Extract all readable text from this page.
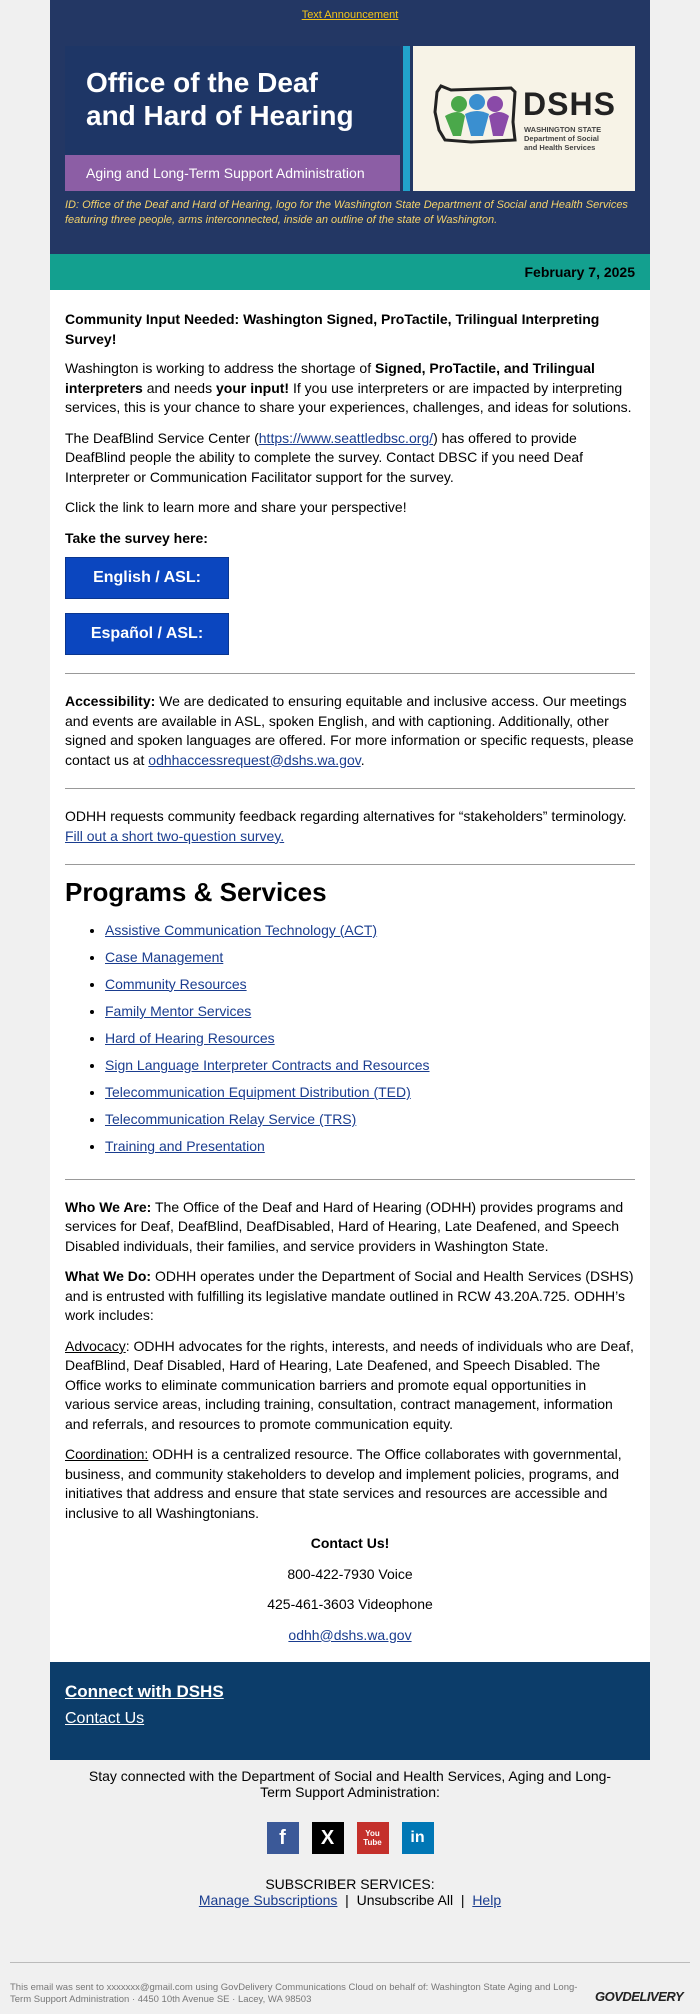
Text Announcement
Office of the Deaf
and Hard of Hearing
Aging and Long-Term Support Administration
DSHS
WASHINGTON STATE
Department of Social
and Health Services
ID: Office of the Deaf and Hard of Hearing, logo for the Washington State Department of Social and Health Services featuring three people, arms interconnected, inside an outline of the state of Washington.
February 7, 2025
Community Input Needed: Washington Signed, ProTactile, Trilingual Interpreting Survey!

Washington is working to address the shortage of Signed, ProTactile, and Trilingual interpreters and needs your input! If you use interpreters or are impacted by interpreting services, this is your chance to share your experiences, challenges, and ideas for solutions.

The DeafBlind Service Center (https://www.seattledbsc.org/) has offered to provide DeafBlind people the ability to complete the survey. Contact DBSC if you need Deaf Interpreter or Communication Facilitator support for the survey.

Click the link to learn more and share your perspective!

Take the survey here:
English / ASL:
Español / ASL:

Accessibility: We are dedicated to ensuring equitable and inclusive access. Our meetings and events are available in ASL, spoken English, and with captioning. Additionally, other signed and spoken languages are offered. For more information or specific requests, please contact us at odhhaccessrequest@dshs.wa.gov.

ODHH requests community feedback regarding alternatives for “stakeholders” terminology. Fill out a short two-question survey.

Programs & Services
• Assistive Communication Technology (ACT)
• Case Management
• Community Resources
• Family Mentor Services
• Hard of Hearing Resources
• Sign Language Interpreter Contracts and Resources
• Telecommunication Equipment Distribution (TED)
• Telecommunication Relay Service (TRS)
• Training and Presentation

Who We Are: The Office of the Deaf and Hard of Hearing (ODHH) provides programs and services for Deaf, DeafBlind, DeafDisabled, Hard of Hearing, Late Deafened, and Speech Disabled individuals, their families, and service providers in Washington State.

What We Do: ODHH operates under the Department of Social and Health Services (DSHS) and is entrusted with fulfilling its legislative mandate outlined in RCW 43.20A.725. ODHH’s work includes:

Advocacy: ODHH advocates for the rights, interests, and needs of individuals who are Deaf, DeafBlind, Deaf Disabled, Hard of Hearing, Late Deafened, and Speech Disabled. The Office works to eliminate communication barriers and promote equal opportunities in various service areas, including training, consultation, contract management, information and referrals, and resources to promote communication equity.

Coordination: ODHH is a centralized resource. The Office collaborates with governmental, business, and community stakeholders to develop and implement policies, programs, and initiatives that address and ensure that state services and resources are accessible and inclusive to all Washingtonians.

Contact Us!

800-422-7930 Voice

425-461-3603 Videophone

odhh@dshs.wa.gov

Connect with DSHS
Contact Us
Stay connected with the Department of Social and Health Services, Aging and Long-Term Support Administration:
f	X	You Tube	in
SUBSCRIBER SERVICES:
Manage Subscriptions  |  Unsubscribe All  |  Help
This email was sent to xxxxxxx@gmail.com using GovDelivery Communications Cloud on behalf of: Washington State Aging and Long-Term Support Administration · 4450 10th Avenue SE · Lacey, WA 98503	GOVDELIVERY
